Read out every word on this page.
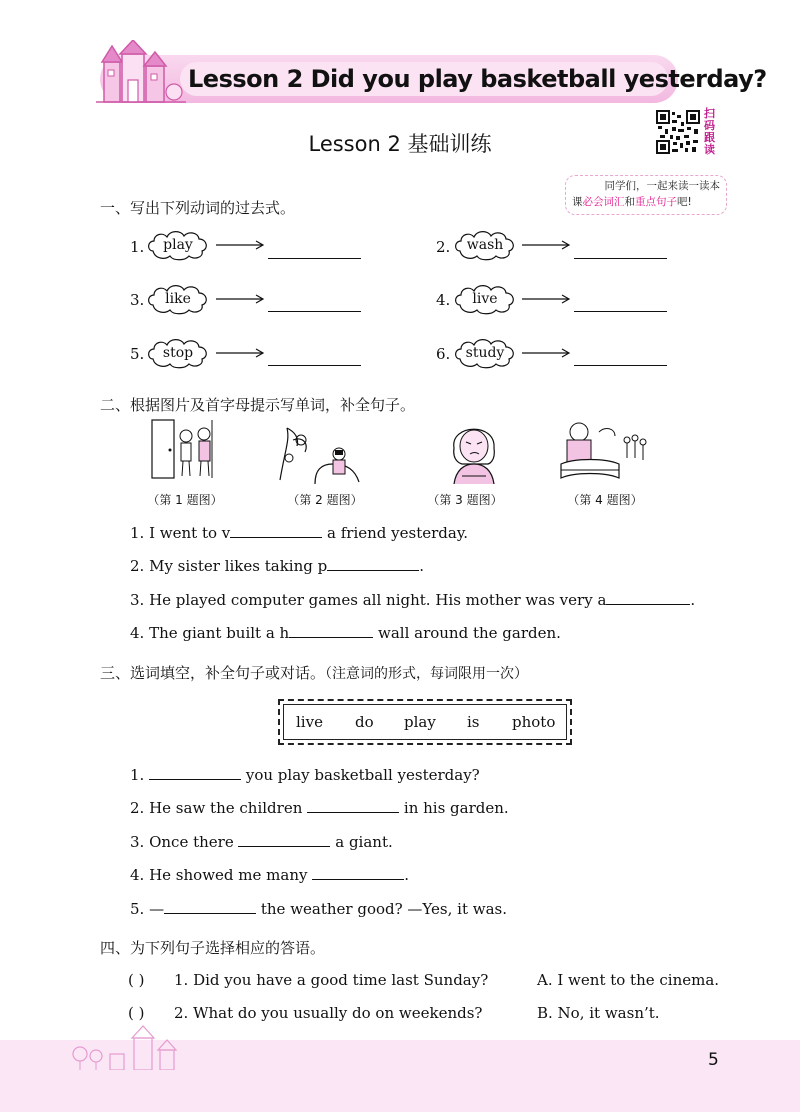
Lesson 2 Did you play basketball yesterday?
Lesson 2 基础训练
扫
码
跟
读
同学们，一起来读一读本
课必会词汇和重点句子吧!
一、写出下列动词的过去式。
1.	play	2.	wash
3.	like	4.	live
5.	stop	6.	study
二、根据图片及首字母提示写单词，补全句子。
（第 1 题图）	（第 2 题图）	（第 3 题图）	（第 4 题图）
1. I went to v	a friend yesterday.
2. My sister likes taking p	.
3. He played computer games all night. His mother was very a	.
4. The giant built a h	wall around the garden.
三、选词填空，补全句子或对话。（注意词的形式，每词限用一次）
live do play is photo
1.	you play basketball yesterday?
2. He saw the children	in his garden.
3. Once there	a giant.
4. He showed me many	.
5. —	the weather good? —Yes, it was.
四、为下列句子选择相应的答语。
( ) 1. Did you have a good time last Sunday?	A. I went to the cinema.
( ) 2. What do you usually do on weekends?	B. No, it wasn’t.
5
